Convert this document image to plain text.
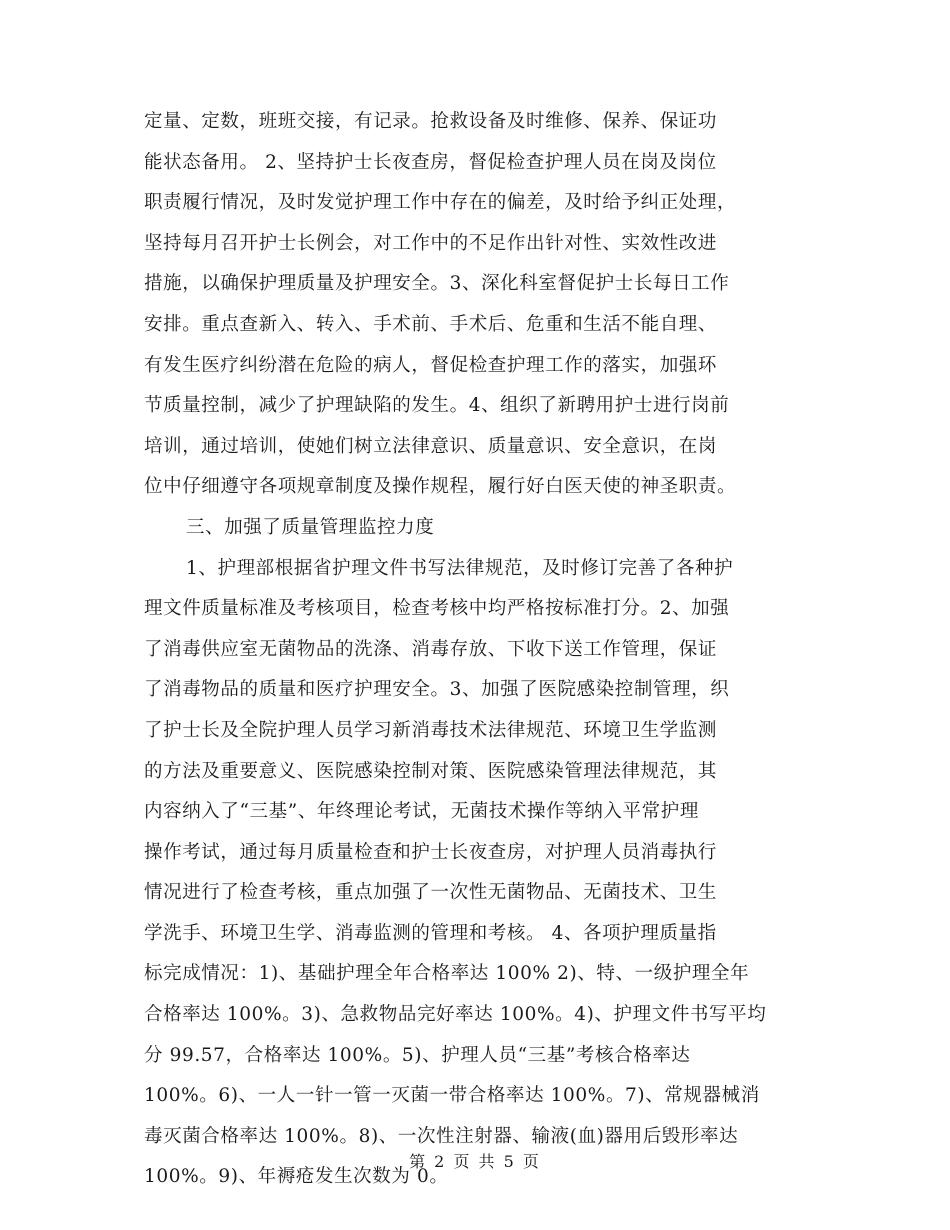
定量、定数，班班交接，有记录。抢救设备及时维修、保养、保证功
能状态备用。 2、坚持护士长夜查房，督促检查护理人员在岗及岗位
职责履行情况，及时发觉护理工作中存在的偏差，及时给予纠正处理，
坚持每月召开护士长例会，对工作中的不足作出针对性、实效性改进
措施，以确保护理质量及护理安全。3、深化科室督促护士长每日工作
安排。重点查新入、转入、手术前、手术后、危重和生活不能自理、
有发生医疗纠纷潜在危险的病人，督促检查护理工作的落实，加强环
节质量控制，减少了护理缺陷的发生。4、组织了新聘用护士进行岗前
培训，通过培训，使她们树立法律意识、质量意识、安全意识，在岗
位中仔细遵守各项规章制度及操作规程，履行好白医天使的神圣职责。
三、加强了质量管理监控力度
1、护理部根据省护理文件书写法律规范，及时修订完善了各种护
理文件质量标准及考核项目，检查考核中均严格按标准打分。2、加强
了消毒供应室无菌物品的洗涤、消毒存放、下收下送工作管理，保证
了消毒物品的质量和医疗护理安全。3、加强了医院感染控制管理，织
了护士长及全院护理人员学习新消毒技术法律规范、环境卫生学监测
的方法及重要意义、医院感染控制对策、医院感染管理法律规范，其
内容纳入了“三基”、年终理论考试，无菌技术操作等纳入平常护理
操作考试，通过每月质量检查和护士长夜查房，对护理人员消毒执行
情况进行了检查考核，重点加强了一次性无菌物品、无菌技术、卫生
学洗手、环境卫生学、消毒监测的管理和考核。 4、各项护理质量指
标完成情况：1)、基础护理全年合格率达 100% 2)、特、一级护理全年
合格率达 100%。3)、急救物品完好率达 100%。4)、护理文件书写平均
分 99.57，合格率达 100%。5)、护理人员“三基”考核合格率达
100%。6)、一人一针一管一灭菌一带合格率达 100%。7)、常规器械消
毒灭菌合格率达 100%。8)、一次性注射器、输液(血)器用后毁形率达
100%。9)、年褥疮发生次数为 0。
第 2 页 共 5 页
